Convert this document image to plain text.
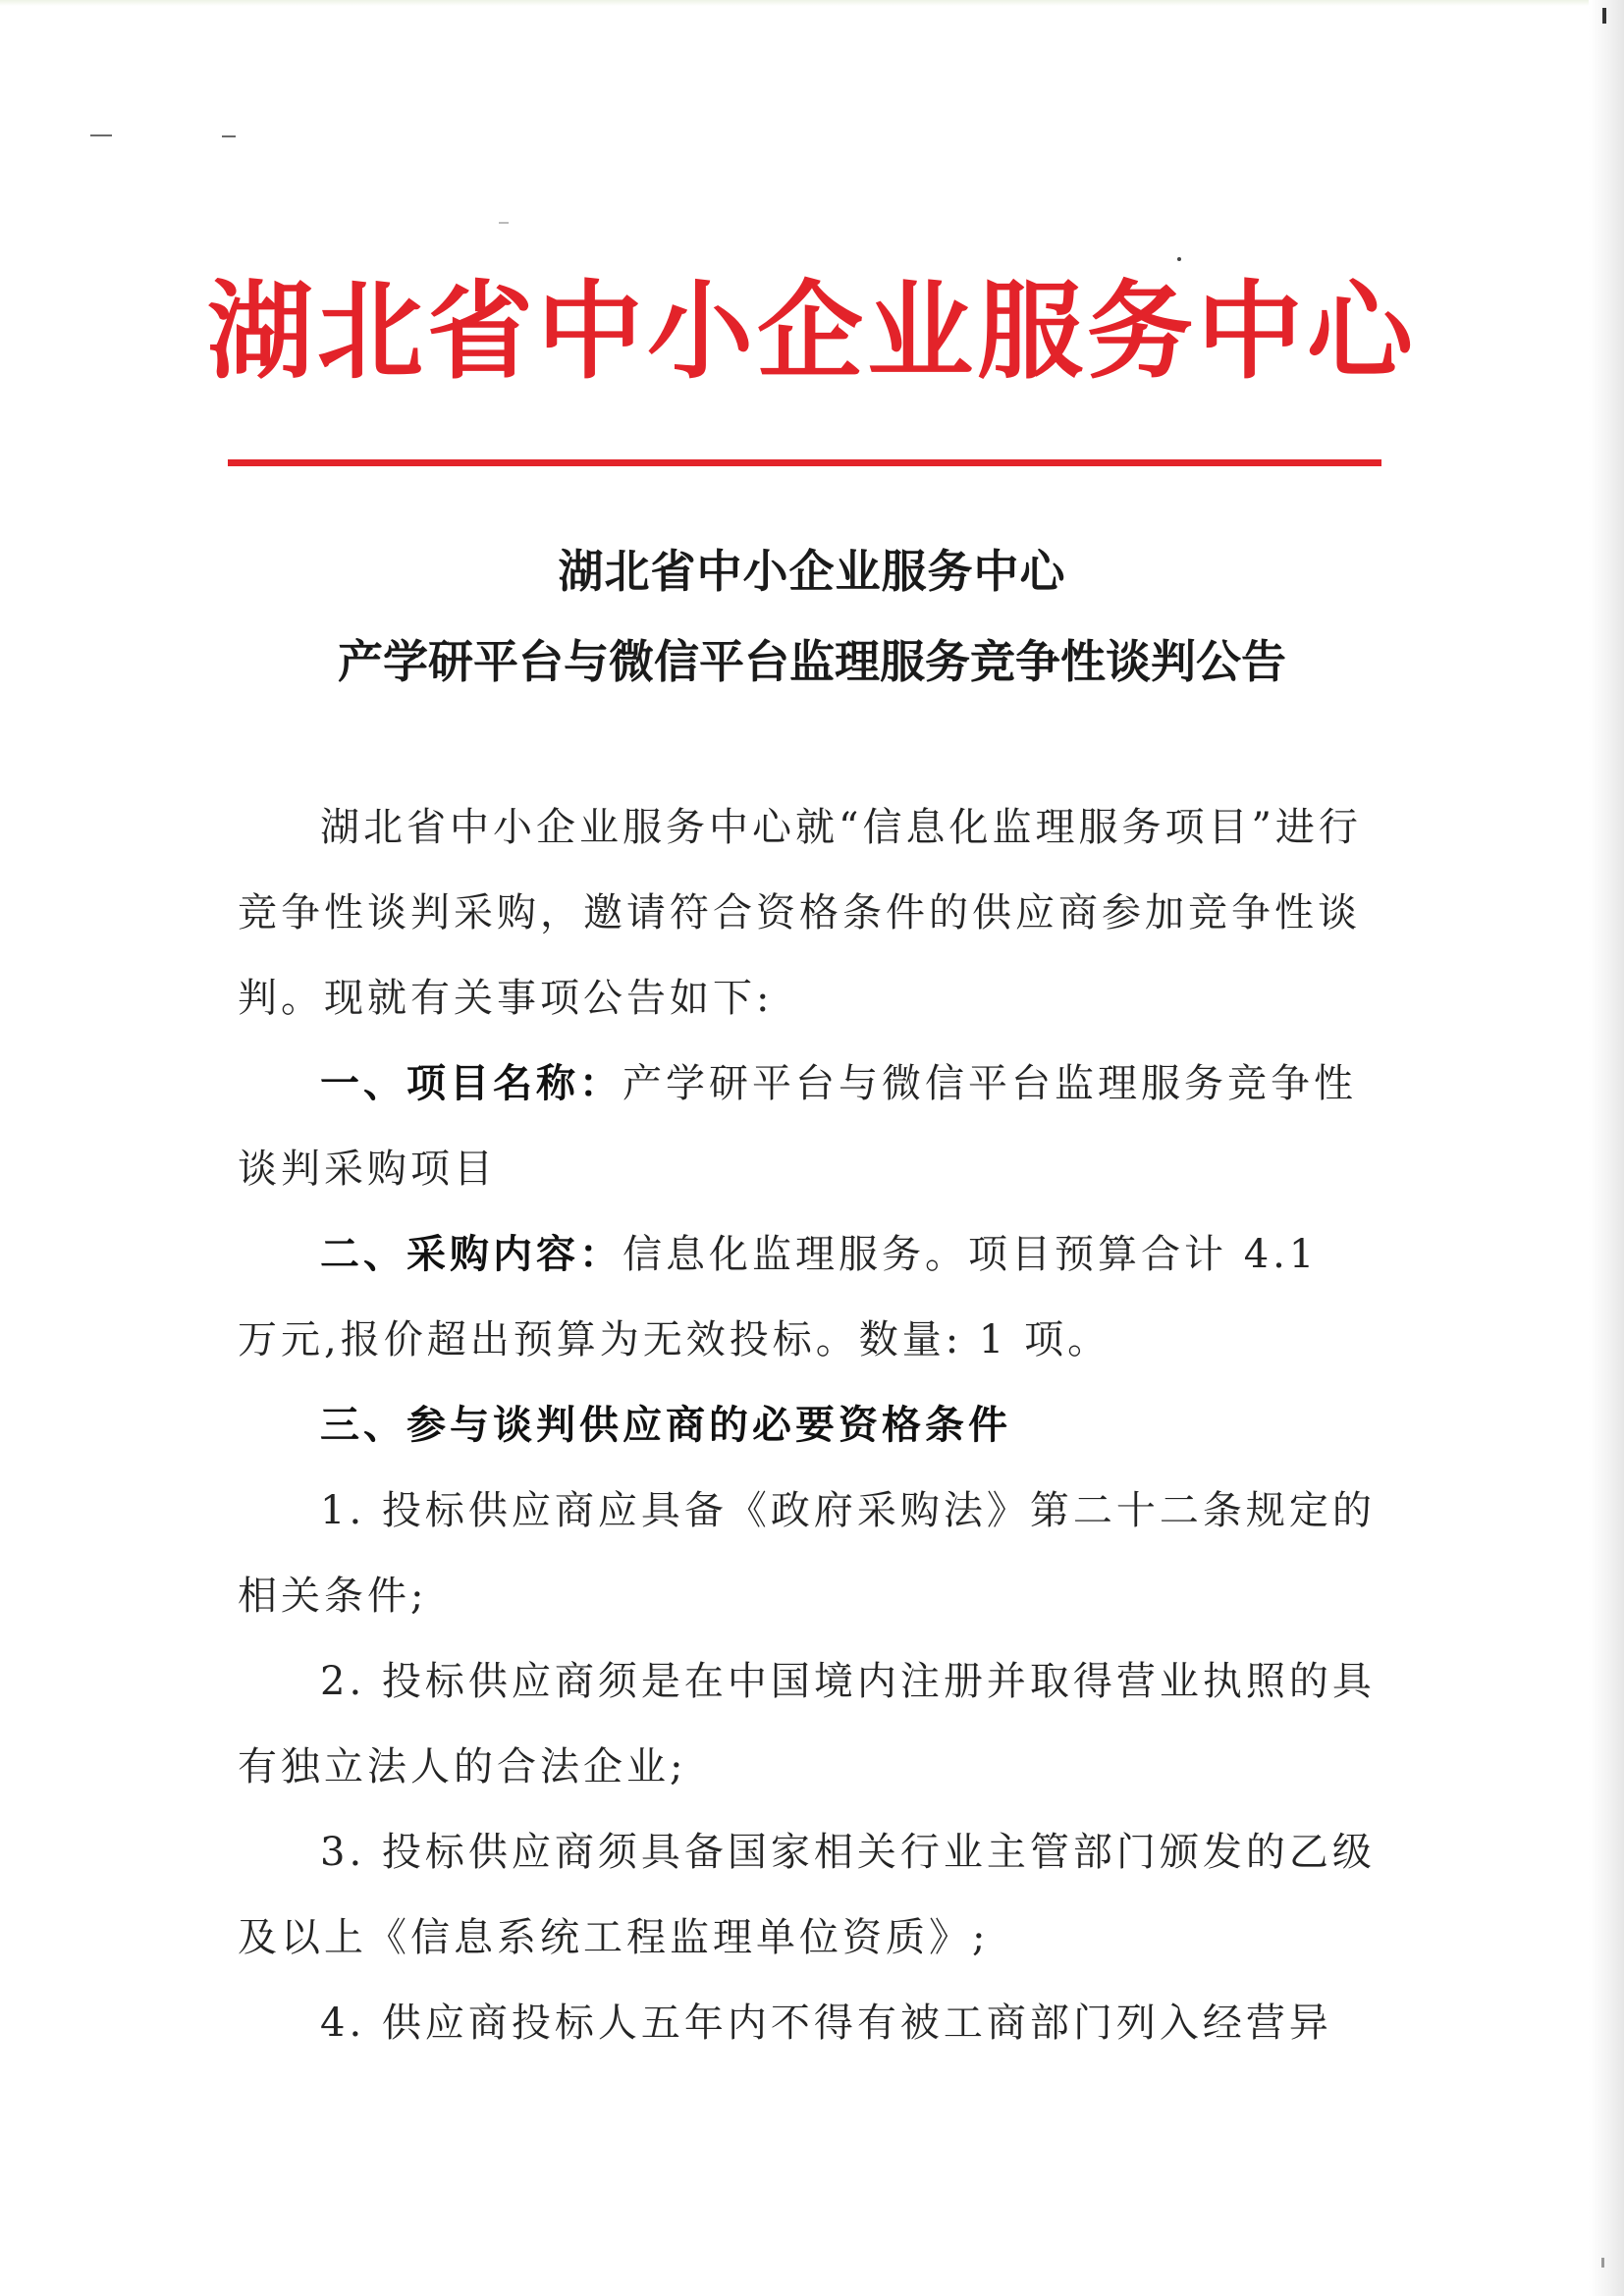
湖北省中小企业服务中心
湖北省中小企业服务中心
产学研平台与微信平台监理服务竞争性谈判公告

湖北省中小企业服务中心就“信息化监理服务项目”进行竞争性谈判采购，邀请符合资格条件的供应商参加竞争性谈判。现就有关事项公告如下:

一、项目名称：产学研平台与微信平台监理服务竞争性谈判采购项目

二、采购内容：信息化监理服务。项目预算合计 4.1 万元,报价超出预算为无效投标。数量: 1 项。

三、参与谈判供应商的必要资格条件

1. 投标供应商应具备《政府采购法》第二十二条规定的相关条件;

2. 投标供应商须是在中国境内注册并取得营业执照的具有独立法人的合法企业;

3. 投标供应商须具备国家相关行业主管部门颁发的乙级及以上《信息系统工程监理单位资质》;

4. 供应商投标人五年内不得有被工商部门列入经营异
